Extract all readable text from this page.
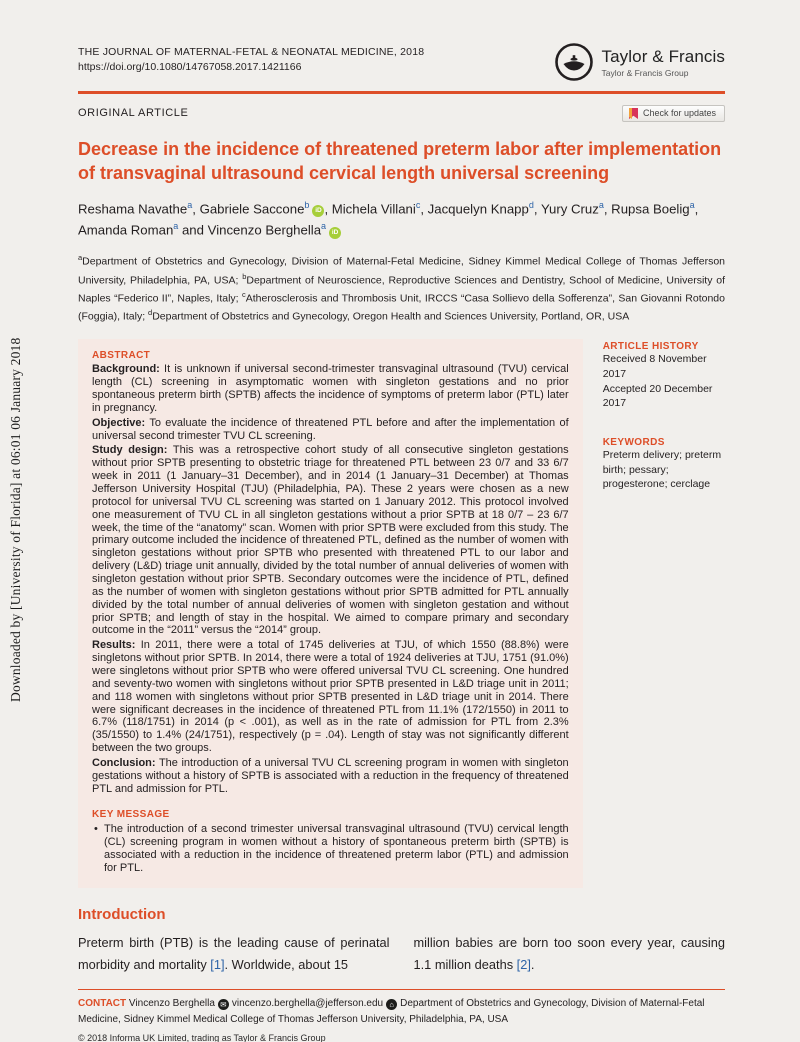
Downloaded by [University of Florida] at 06:01 06 January 2018
THE JOURNAL OF MATERNAL-FETAL & NEONATAL MEDICINE, 2018
https://doi.org/10.1080/14767058.2017.1421166
Taylor & Francis
Taylor & Francis Group
ORIGINAL ARTICLE	Check for updates
Decrease in the incidence of threatened preterm labor after implementation
of transvaginal ultrasound cervical length universal screening
Reshama Navathe$^a$, Gabriele Saccone$^b$iD , Michela Villani$^c$, Jacquelyn Knapp$^d$, Yury Cruz$^a$, Rupsa Boelig$^a$, Amanda Roman$^a$ and Vincenzo Berghella$^a$iD
$^a$Department of Obstetrics and Gynecology, Division of Maternal-Fetal Medicine, Sidney Kimmel Medical College of Thomas Jefferson University, Philadelphia, PA, USA; $^b$Department of Neuroscience, Reproductive Sciences and Dentistry, School of Medicine, University of Naples “Federico II”, Naples, Italy; $^c$Atherosclerosis and Thrombosis Unit, IRCCS “Casa Sollievo della Sofferenza”, San Giovanni Rotondo (Foggia), Italy; $^d$Department of Obstetrics and Gynecology, Oregon Health and Sciences University, Portland, OR, USA
ABSTRACT

Background: It is unknown if universal second-trimester transvaginal ultrasound (TVU) cervical length (CL) screening in asymptomatic women with singleton gestations and no prior spontaneous preterm birth (SPTB) affects the incidence of symptoms of preterm labor (PTL) later in pregnancy.

Objective: To evaluate the incidence of threatened PTL before and after the implementation of universal second trimester TVU CL screening.

Study design: This was a retrospective cohort study of all consecutive singleton gestations without prior SPTB presenting to obstetric triage for threatened PTL between 23 0/7 and 33 6/7 week in 2011 (1 January–31 December), and in 2014 (1 January–31 December) at Thomas Jefferson University Hospital (TJU) (Philadelphia, PA). These 2 years were chosen as a new protocol for universal TVU CL screening was started on 1 January 2012. This protocol involved one measurement of TVU CL in all singleton gestations without a prior SPTB at 18 0/7 – 23 6/7 week, the time of the “anatomy” scan. Women with prior SPTB were excluded from this study. The primary outcome included the incidence of threatened PTL, defined as the number of women with singleton gestations without prior SPTB who presented with threatened PTL to our labor and delivery (L&D) triage unit annually, divided by the total number of annual deliveries of women with singleton gestation without prior SPTB. Secondary outcomes were the incidence of PTL, defined as the number of women with singleton gestations without prior SPTB admitted for PTL annually divided by the total number of annual deliveries of women with singleton gestation and without prior SPTB; and length of stay in the hospital. We aimed to compare primary and secondary outcome in the “2011” versus the “2014” group.

Results: In 2011, there were a total of 1745 deliveries at TJU, of which 1550 (88.8%) were singletons without prior SPTB. In 2014, there were a total of 1924 deliveries at TJU, 1751 (91.0%) were singletons without prior SPTB who were offered universal TVU CL screening. One hundred and seventy-two women with singletons without prior SPTB presented in L&D triage unit in 2011; and 118 women with singletons without prior SPTB presented in L&D triage unit in 2014. There were significant decreases in the incidence of threatened PTL from 11.1% (172/1550) in 2011 to 6.7% (118/1751) in 2014 (p < .001), as well as in the rate of admission for PTL from 2.3% (35/1550) to 1.4% (24/1751), respectively (p = .04). Length of stay was not significantly different between the two groups.

Conclusion: The introduction of a universal TVU CL screening program in women with singleton gestations without a history of SPTB is associated with a reduction in the frequency of threatened PTL and admission for PTL.

KEY MESSAGE
• The introduction of a second trimester universal transvaginal ultrasound (TVU) cervical length (CL) screening program in women without a history of spontaneous preterm birth (SPTB) is associated with a reduction in the incidence of threatened preterm labor (PTL) and admission for PTL.
ARTICLE HISTORY
Received 8 November 2017
Accepted 20 December 2017
KEYWORDS
Preterm delivery; preterm birth; pessary; progesterone; cerclage
Introduction

Preterm birth (PTB) is the leading cause of perinatal morbidity and mortality [1]. Worldwide, about 15

million babies are born too soon every year, causing 1.1 million deaths [2].

CONTACT Vincenzo Berghella ✉ vincenzo.berghella@jefferson.edu ⌂ Department of Obstetrics and Gynecology, Division of Maternal-Fetal Medicine, Sidney Kimmel Medical College of Thomas Jefferson University, Philadelphia, PA, USA
© 2018 Informa UK Limited, trading as Taylor & Francis Group
